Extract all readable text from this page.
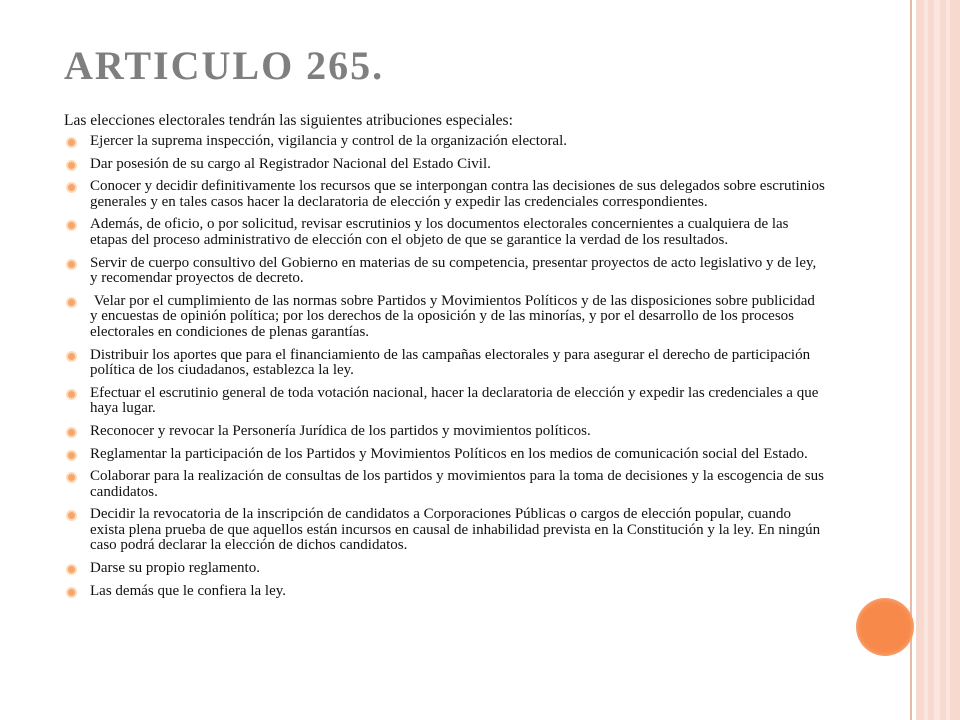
ARTICULO 265.
Las elecciones electorales tendrán las siguientes atribuciones especiales:
Ejercer la suprema inspección, vigilancia y control de la organización electoral.
Dar posesión de su cargo al Registrador Nacional del Estado Civil.
Conocer y decidir definitivamente los recursos que se interpongan contra las decisiones de sus delegados sobre escrutinios generales y en tales casos hacer la declaratoria de elección y expedir las credenciales correspondientes.
Además, de oficio, o por solicitud, revisar escrutinios y los documentos electorales concernientes a cualquiera de las etapas del proceso administrativo de elección con el objeto de que se garantice la verdad de los resultados.
Servir de cuerpo consultivo del Gobierno en materias de su competencia, presentar proyectos de acto legislativo y de ley, y recomendar proyectos de decreto.
Velar por el cumplimiento de las normas sobre Partidos y Movimientos Políticos y de las disposiciones sobre publicidad y encuestas de opinión política; por los derechos de la oposición y de las minorías, y por el desarrollo de los procesos electorales en condiciones de plenas garantías.
Distribuir los aportes que para el financiamiento de las campañas electorales y para asegurar el derecho de participación política de los ciudadanos, establezca la ley.
Efectuar el escrutinio general de toda votación nacional, hacer la declaratoria de elección y expedir las credenciales a que haya lugar.
Reconocer y revocar la Personería Jurídica de los partidos y movimientos políticos.
Reglamentar la participación de los Partidos y Movimientos Políticos en los medios de comunicación social del Estado.
Colaborar para la realización de consultas de los partidos y movimientos para la toma de decisiones y la escogencia de sus candidatos.
Decidir la revocatoria de la inscripción de candidatos a Corporaciones Públicas o cargos de elección popular, cuando exista plena prueba de que aquellos están incursos en causal de inhabilidad prevista en la Constitución y la ley. En ningún caso podrá declarar la elección de dichos candidatos.
Darse su propio reglamento.
Las demás que le confiera la ley.
